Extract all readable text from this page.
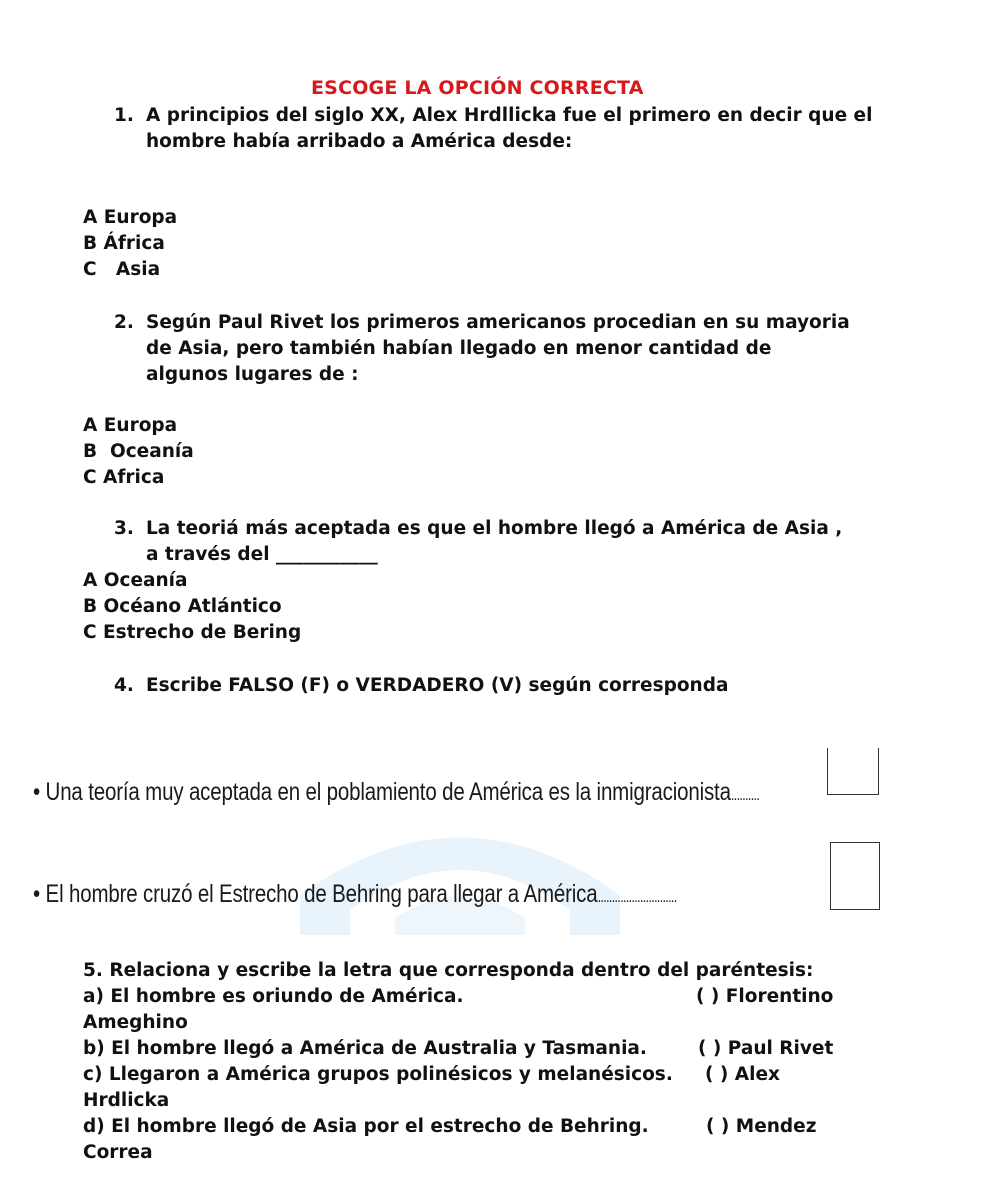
ESCOGE LA OPCIÓN CORRECTA
1. A principios del siglo XX, Alex Hrdllicka fue el primero en decir que el
hombre había arribado a América desde:
A Europa
B África
C   Asia
2. Según Paul Rivet los primeros americanos procedian en su mayoria
de Asia, pero también habían llegado en menor cantidad de
algunos lugares de :
A Europa
B  Oceanía
C Africa
3. La teoriá más aceptada es que el hombre llegó a América de Asia ,
a través del ___________
A Oceanía
B Océano Atlántico
C Estrecho de Bering
4. Escribe FALSO (F) o VERDADERO (V) según corresponda
• Una teoría muy aceptada en el poblamiento de América es la inmigracionista..........
• El hombre cruzó el Estrecho de Behring para llegar a América............................
5. Relaciona y escribe la letra que corresponda dentro del paréntesis:
a) El hombre es oriundo de América.	( ) Florentino
Ameghino
b) El hombre llegó a América de Australia y Tasmania.	( ) Paul Rivet
c) Llegaron a América grupos polinésicos y melanésicos. ( ) Alex
Hrdlicka
d) El hombre llegó de Asia por el estrecho de Behring.	( ) Mendez
Correa
